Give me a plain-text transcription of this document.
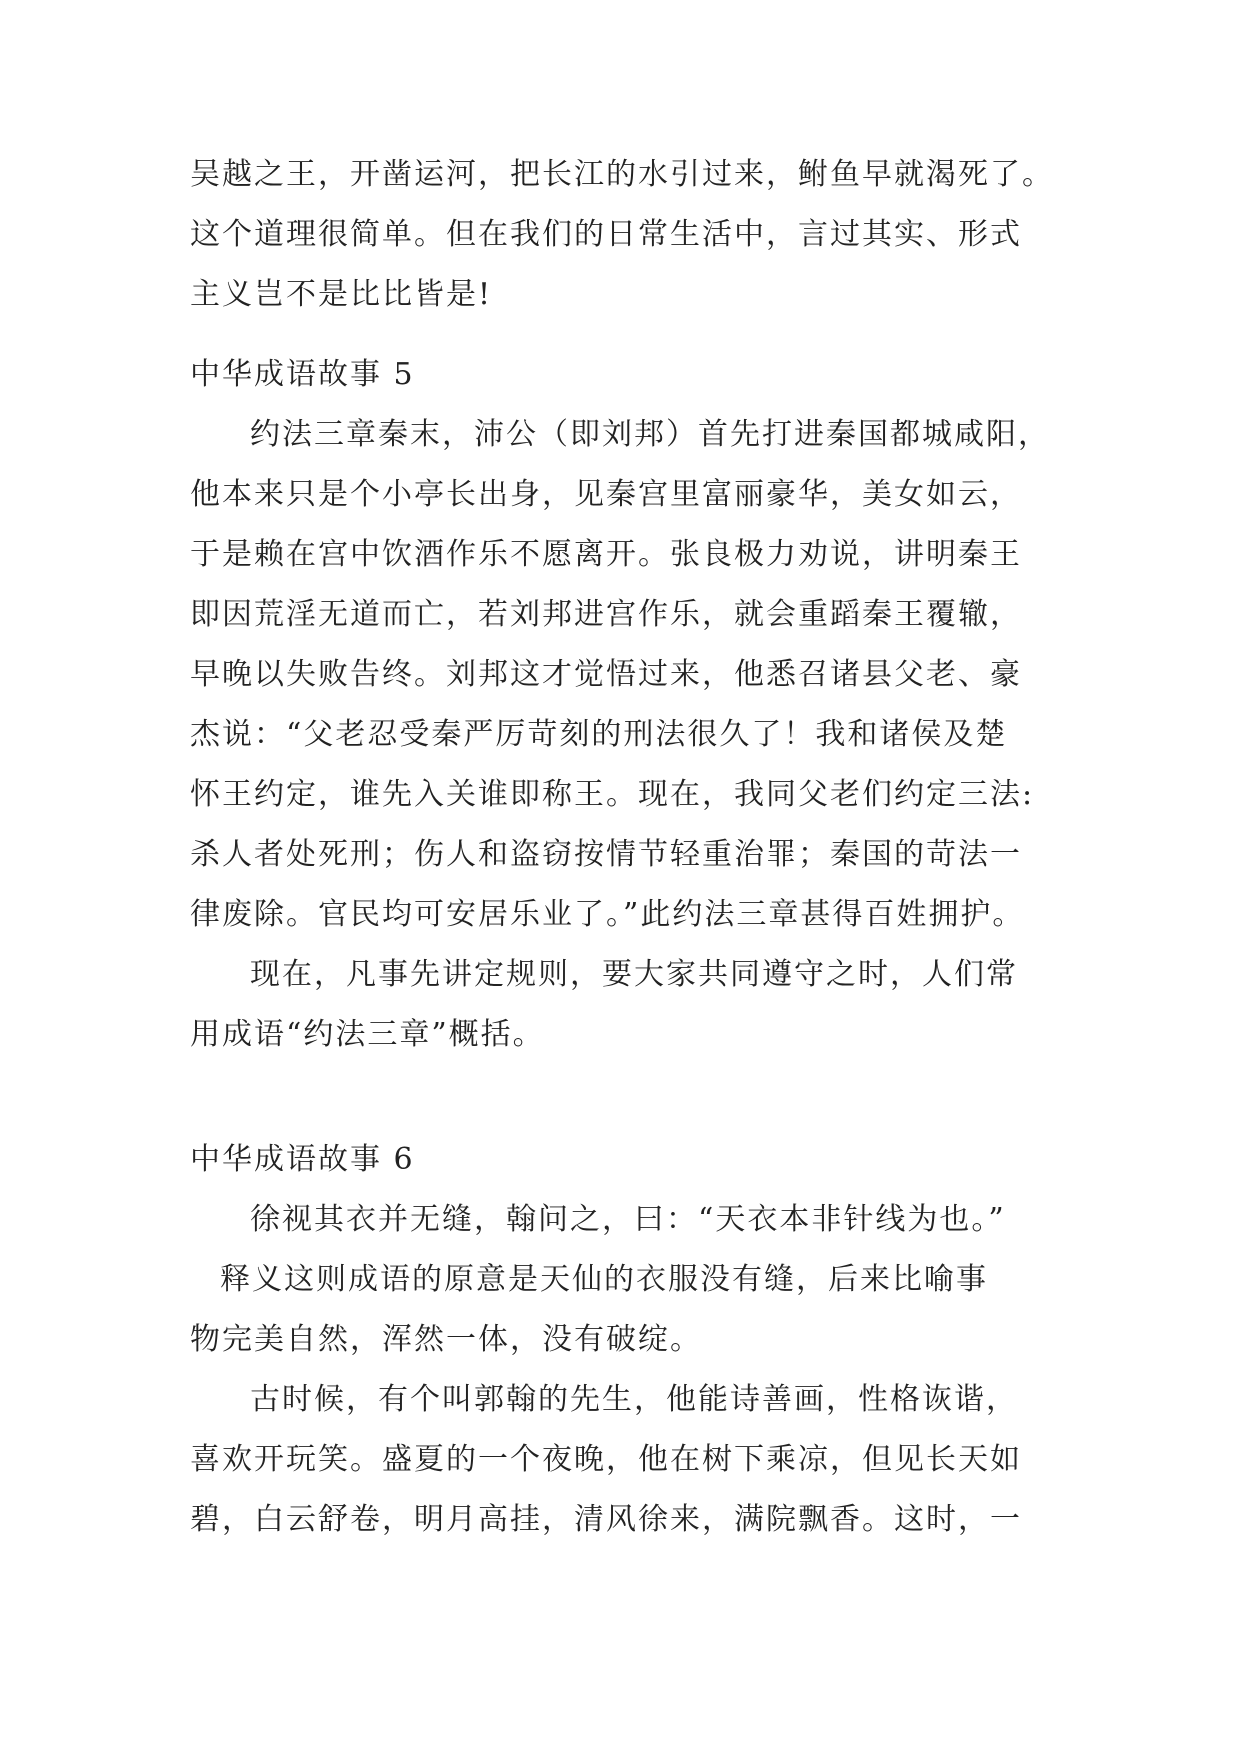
吴越之王，开凿运河，把长江的水引过来，鲋鱼早就渴死了。
这个道理很简单。但在我们的日常生活中，言过其实、形式
主义岂不是比比皆是!
中华成语故事 5
约法三章秦末，沛公（即刘邦）首先打进秦国都城咸阳，
他本来只是个小亭长出身，见秦宫里富丽豪华，美女如云，
于是赖在宫中饮酒作乐不愿离开。张良极力劝说，讲明秦王
即因荒淫无道而亡，若刘邦进宫作乐，就会重蹈秦王覆辙，
早晚以失败告终。刘邦这才觉悟过来，他悉召诸县父老、豪
杰说：“父老忍受秦严厉苛刻的刑法很久了！我和诸侯及楚
怀王约定，谁先入关谁即称王。现在，我同父老们约定三法:
杀人者处死刑；伤人和盗窃按情节轻重治罪；秦国的苛法一
律废除。官民均可安居乐业了。”此约法三章甚得百姓拥护。
现在，凡事先讲定规则，要大家共同遵守之时，人们常
用成语“约法三章”概括。
中华成语故事 6
徐视其衣并无缝，翰问之，曰：“天衣本非针线为也。”
释义这则成语的原意是天仙的衣服没有缝，后来比喻事
物完美自然，浑然一体，没有破绽。
古时候，有个叫郭翰的先生，他能诗善画，性格诙谐，
喜欢开玩笑。盛夏的一个夜晚，他在树下乘凉，但见长天如
碧，白云舒卷，明月高挂，清风徐来，满院飘香。这时，一
